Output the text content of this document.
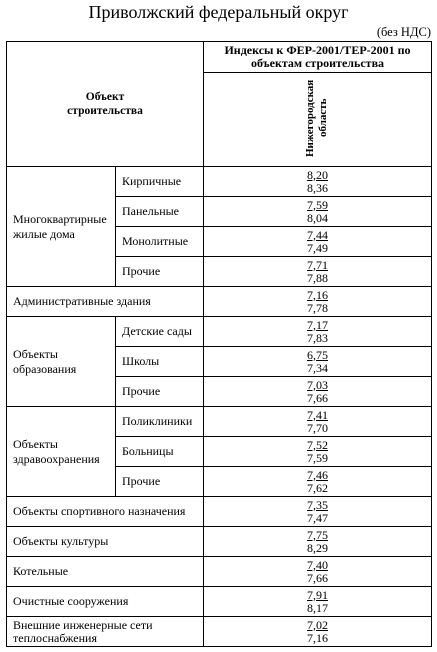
Приволжский федеральный округ
(без НДС)
Объект строительства		Индексы к ФЕР-2001/ТЕР-2001 по объектам строительства
		Нижегородская область
Многоквартирные жилые дома	Кирпичные	8,20
8,36

	Панельные	7,59
8,04

	Монолитные	7,44
7,49

	Прочие	7,71
7,88

Административные здания		7,16
7,78

Объекты образования	Детские сады	7,17
7,83

	Школы	6,75
7,34

	Прочие	7,03
7,66

Объекты здравоохранения	Поликлиники	7,41
7,70

	Больницы	7,52
7,59

	Прочие	7,46
7,62

Объекты спортивного назначения		7,35
7,47

Объекты культуры		7,75
8,29

Котельные		7,40
7,66

Очистные сооружения		7,91
8,17

Внешние инженерные сети теплоснабжения		7,02
7,16
